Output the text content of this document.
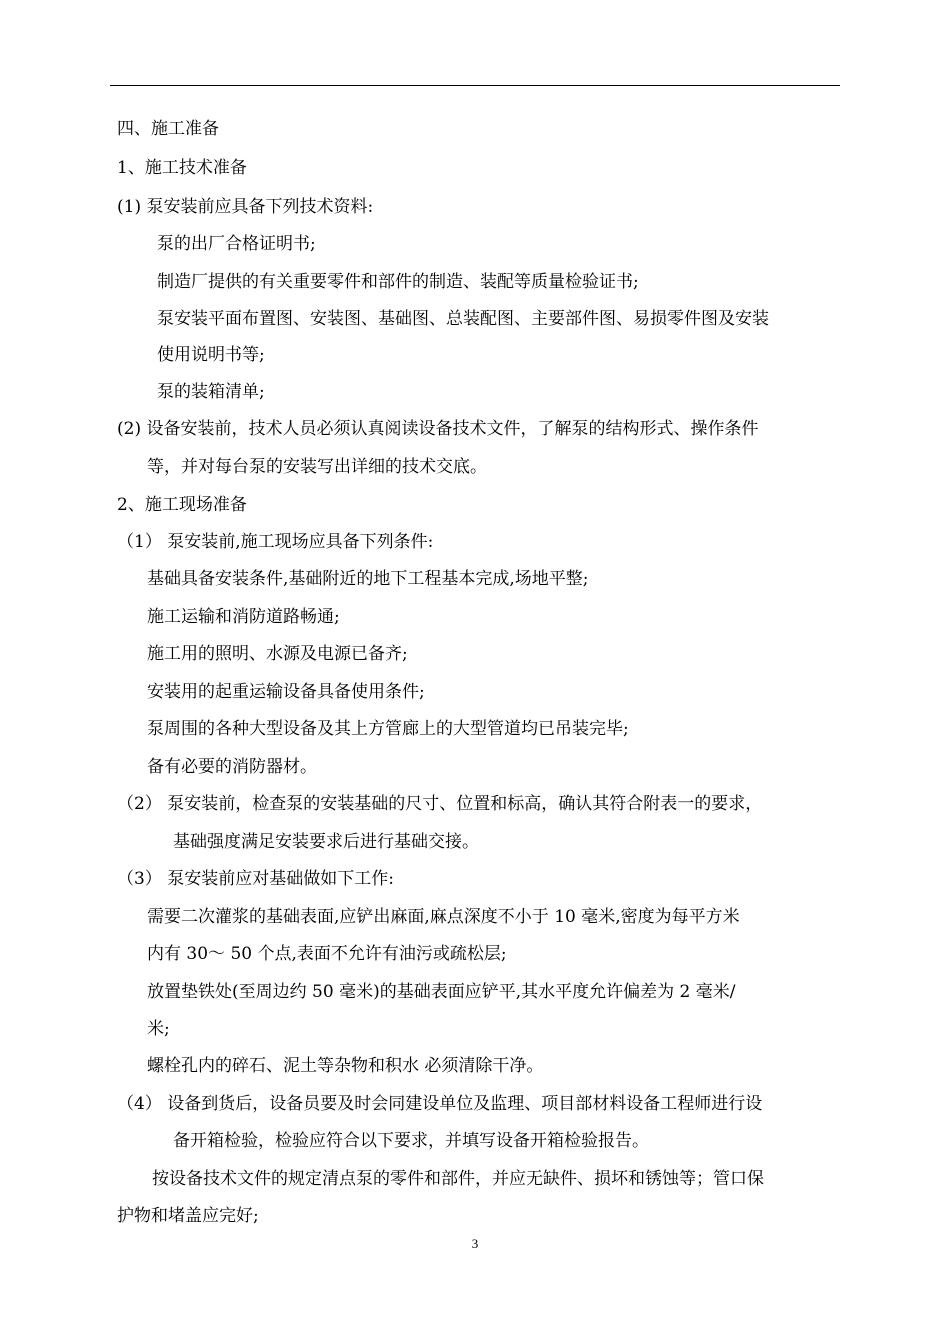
四、施工准备
1、施工技术准备
(1) 泵安装前应具备下列技术资料:
泵的出厂合格证明书;
制造厂提供的有关重要零件和部件的制造、装配等质量检验证书;
泵安装平面布置图、安装图、基础图、总装配图、主要部件图、易损零件图及安装
使用说明书等;
泵的装箱清单;
(2) 设备安装前，技术人员必须认真阅读设备技术文件，了解泵的结构形式、操作条件
等，并对每台泵的安装写出详细的技术交底。
2、施工现场准备
（1） 泵安装前,施工现场应具备下列条件:
基础具备安装条件,基础附近的地下工程基本完成,场地平整;
施工运输和消防道路畅通;
施工用的照明、水源及电源已备齐;
安装用的起重运输设备具备使用条件;
泵周围的各种大型设备及其上方管廊上的大型管道均已吊装完毕;
备有必要的消防器材。
（2） 泵安装前，检查泵的安装基础的尺寸、位置和标高，确认其符合附表一的要求，
基础强度满足安装要求后进行基础交接。
（3） 泵安装前应对基础做如下工作:
需要二次灌浆的基础表面,应铲出麻面,麻点深度不小于 10 毫米,密度为每平方米
内有 30～ 50 个点,表面不允许有油污或疏松层;
放置垫铁处(至周边约 50 毫米)的基础表面应铲平,其水平度允许偏差为 2 毫米/
米;
螺栓孔内的碎石、泥土等杂物和积水 必须清除干净。
（4） 设备到货后，设备员要及时会同建设单位及监理、项目部材料设备工程师进行设
备开箱检验，检验应符合以下要求，并填写设备开箱检验报告。
按设备技术文件的规定清点泵的零件和部件，并应无缺件、损坏和锈蚀等；管口保
护物和堵盖应完好;
3
